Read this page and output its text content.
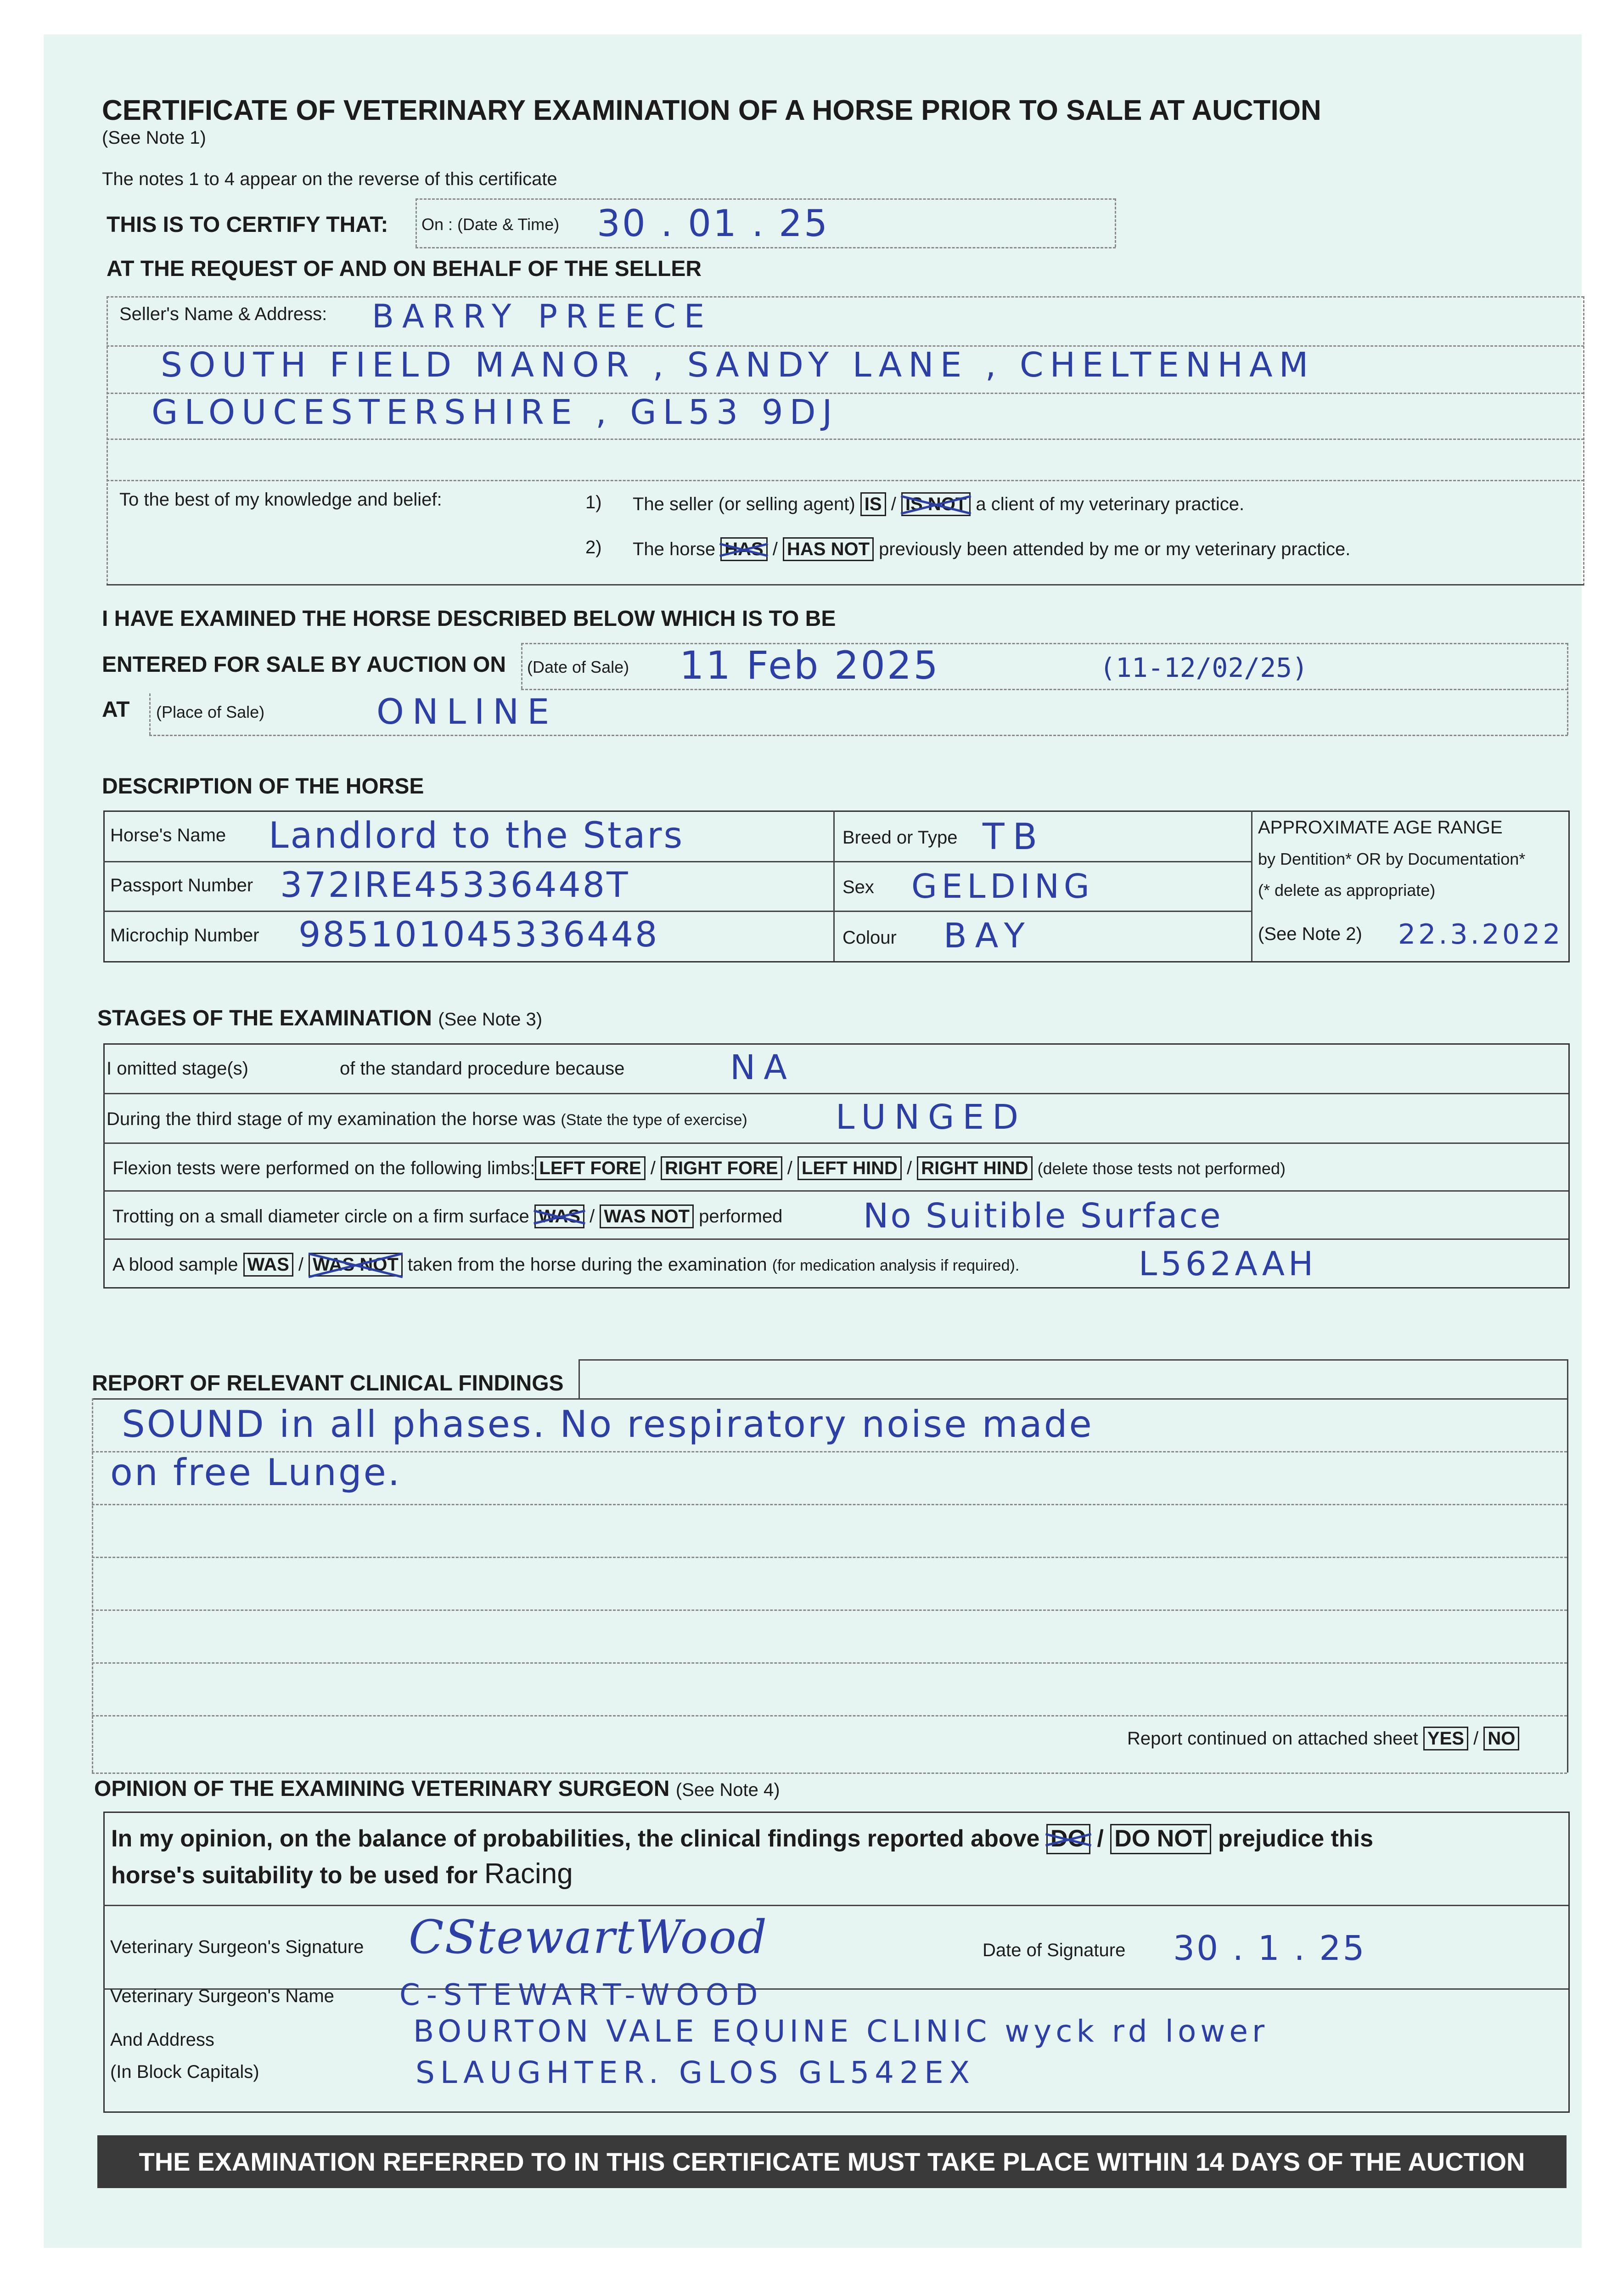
CERTIFICATE OF VETERINARY EXAMINATION OF A HORSE PRIOR TO SALE AT AUCTION
(See Note 1)
The notes 1 to 4 appear on the reverse of this certificate
THIS IS TO CERTIFY THAT: On : (Date & Time) 30 . 01 . 25
AT THE REQUEST OF AND ON BEHALF OF THE SELLER
Seller's Name & Address: BARRY PREECE
SOUTH FIELD MANOR , SANDY LANE , CHELTENHAM
GLOUCESTERSHIRE , GL53 9DJ
To the best of my knowledge and belief:	1) The seller (or selling agent) IS / IS NOT a client of my veterinary practice.
2) The horse HAS / HAS NOT previously been attended by me or my veterinary practice.
I HAVE EXAMINED THE HORSE DESCRIBED BELOW WHICH IS TO BE
ENTERED FOR SALE BY AUCTION ON (Date of Sale) 11 Feb 2025	(11-12/02/25)
AT (Place of Sale)	ONLINE
DESCRIPTION OF THE HORSE
Horse's Name Landlord to the Stars
Passport Number 372IRE45336448T
Microchip Number 985101045336448
Breed or Type TB
Sex GELDING
Colour BAY
APPROXIMATE AGE RANGE
by Dentition* OR by Documentation*
(* delete as appropriate)
(See Note 2) 22.3.2022
STAGES OF THE EXAMINATION (See Note 3)
I omitted stage(s)	of the standard procedure because	NA
During the third stage of my examination the horse was (State the type of exercise)	LUNGED
Flexion tests were performed on the following limbs: LEFT FORE / RIGHT FORE / LEFT HIND / RIGHT HIND (delete those tests not performed)
Trotting on a small diameter circle on a firm surface WAS / WAS NOT performed No Suitible Surface
A blood sample WAS / WAS NOT taken from the horse during the examination (for medication analysis if required).	L562AAH
REPORT OF RELEVANT CLINICAL FINDINGS
SOUND in all phases. No respiratory noise made
on free Lunge.
Report continued on attached sheet YES / NO
OPINION OF THE EXAMINING VETERINARY SURGEON (See Note 4)
In my opinion, on the balance of probabilities, the clinical findings reported above DO / DO NOT prejudice this
horse's suitability to be used for Racing
Veterinary Surgeon's Signature CStewartWood	Date of Signature 30 . 1 . 25
Veterinary Surgeon's Name C-STEWART-WOOD
And Address
(In Block Capitals)
BOURTON VALE EQUINE CLINIC wyck rd lower
SLAUGHTER. GLOS GL542EX
THE EXAMINATION REFERRED TO IN THIS CERTIFICATE MUST TAKE PLACE WITHIN 14 DAYS OF THE AUCTION
